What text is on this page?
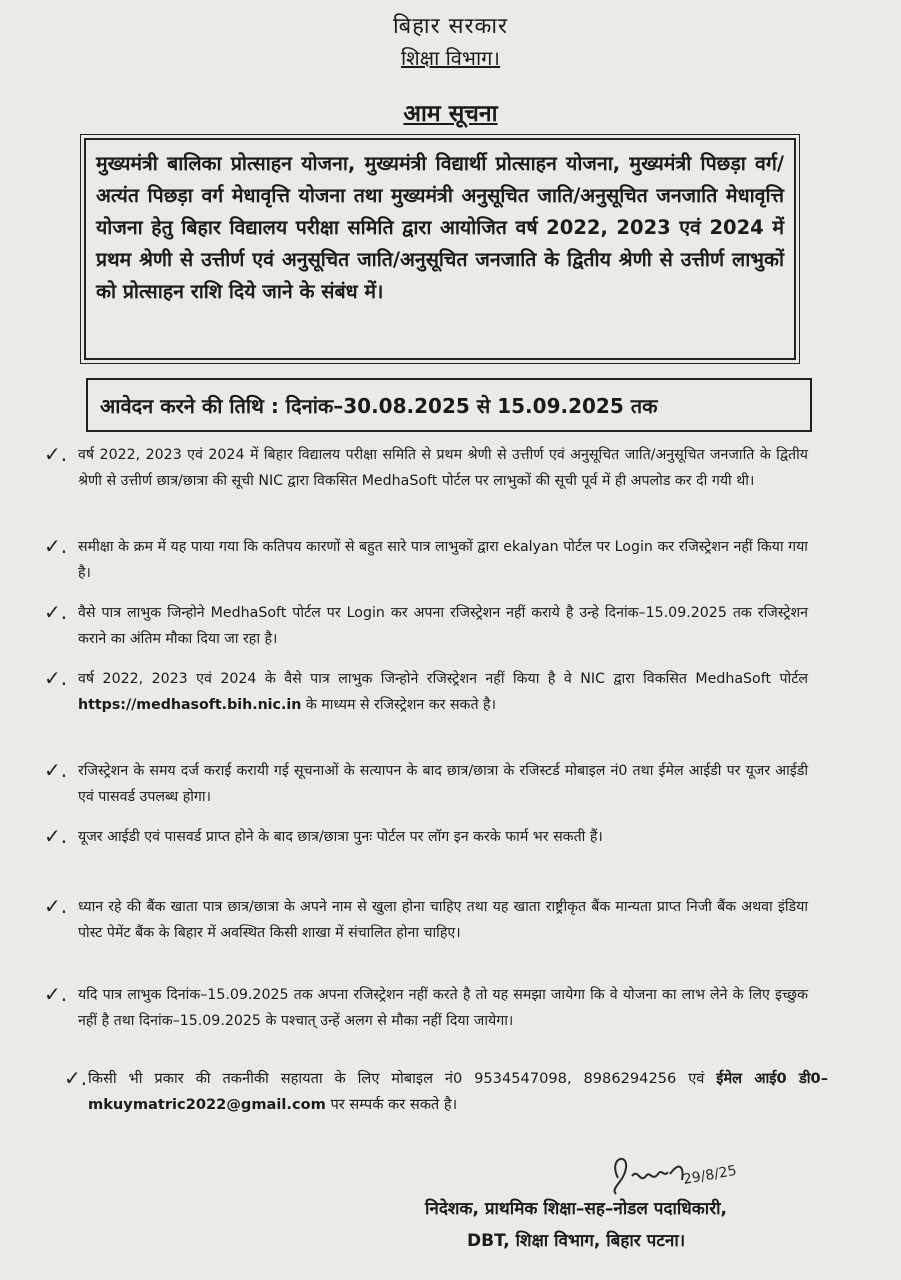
बिहार सरकार
शिक्षा विभाग।
आम सूचना
मुख्यमंत्री बालिका प्रोत्साहन योजना, मुख्यमंत्री विद्यार्थी प्रोत्साहन योजना, मुख्यमंत्री पिछड़ा वर्ग/अत्यंत पिछड़ा वर्ग मेधावृत्ति योजना तथा मुख्यमंत्री अनुसूचित जाति/अनुसूचित जनजाति मेधावृत्ति योजना हेतु बिहार विद्यालय परीक्षा समिति द्वारा आयोजित वर्ष 2022, 2023 एवं 2024 में प्रथम श्रेणी से उत्तीर्ण एवं अनुसूचित जाति/अनुसूचित जनजाति के द्वितीय श्रेणी से उत्तीर्ण लाभुकों को प्रोत्साहन राशि दिये जाने के संबंध में।
आवेदन करने की तिथि : दिनांक–30.08.2025 से 15.09.2025 तक
✓. वर्ष 2022, 2023 एवं 2024 में बिहार विद्यालय परीक्षा समिति से प्रथम श्रेणी से उत्तीर्ण एवं अनुसूचित जाति/अनुसूचित जनजाति के द्वितीय श्रेणी से उत्तीर्ण छात्र/छात्रा की सूची NIC द्वारा विकसित MedhaSoft पोर्टल पर लाभुकों की सूची पूर्व में ही अपलोड कर दी गयी थी।
✓. समीक्षा के क्रम में यह पाया गया कि कतिपय कारणों से बहुत सारे पात्र लाभुकों द्वारा ekalyan पोर्टल पर Login कर रजिस्ट्रेशन नहीं किया गया है।
✓. वैसे पात्र लाभुक जिन्होने MedhaSoft पोर्टल पर Login कर अपना रजिस्ट्रेशन नहीं कराये है उन्हे दिनांक–15.09.2025 तक रजिस्ट्रेशन कराने का अंतिम मौका दिया जा रहा है।
✓. वर्ष 2022, 2023 एवं 2024 के वैसे पात्र लाभुक जिन्होने रजिस्ट्रेशन नहीं किया है वे NIC द्वारा विकसित MedhaSoft पोर्टल https://medhasoft.bih.nic.in के माध्यम से रजिस्ट्रेशन कर सकते है।
✓. रजिस्ट्रेशन के समय दर्ज कराई करायी गई सूचनाओं के सत्यापन के बाद छात्र/छात्रा के रजिस्टर्ड मोबाइल नं0 तथा ईमेल आईडी पर यूजर आईडी एवं पासवर्ड उपलब्ध होगा।
✓. यूजर आईडी एवं पासवर्ड प्राप्त होने के बाद छात्र/छात्रा पुनः पोर्टल पर लॉग इन करके फार्म भर सकती हैं।
✓. ध्यान रहे की बैंक खाता पात्र छात्र/छात्रा के अपने नाम से खुला होना चाहिए तथा यह खाता राष्ट्रीकृत बैंक मान्यता प्राप्त निजी बैंक अथवा इंडिया पोस्ट पेमेंट बैंक के बिहार में अवस्थित किसी शाखा में संचालित होना चाहिए।
✓. यदि पात्र लाभुक दिनांक–15.09.2025 तक अपना रजिस्ट्रेशन नहीं करते है तो यह समझा जायेगा कि वे योजना का लाभ लेने के लिए इच्छुक नहीं है तथा दिनांक–15.09.2025 के पश्चात् उन्हें अलग से मौका नहीं दिया जायेगा।
✓. किसी भी प्रकार की तकनीकी सहायता के लिए मोबाइल नं0 9534547098, 8986294256 एवं ईमेल आई0 डी0–mkuymatric2022@gmail.com पर सम्पर्क कर सकते है।
29/8/25
निदेशक, प्राथमिक शिक्षा–सह–नोडल पदाधिकारी,
DBT, शिक्षा विभाग, बिहार पटना।
